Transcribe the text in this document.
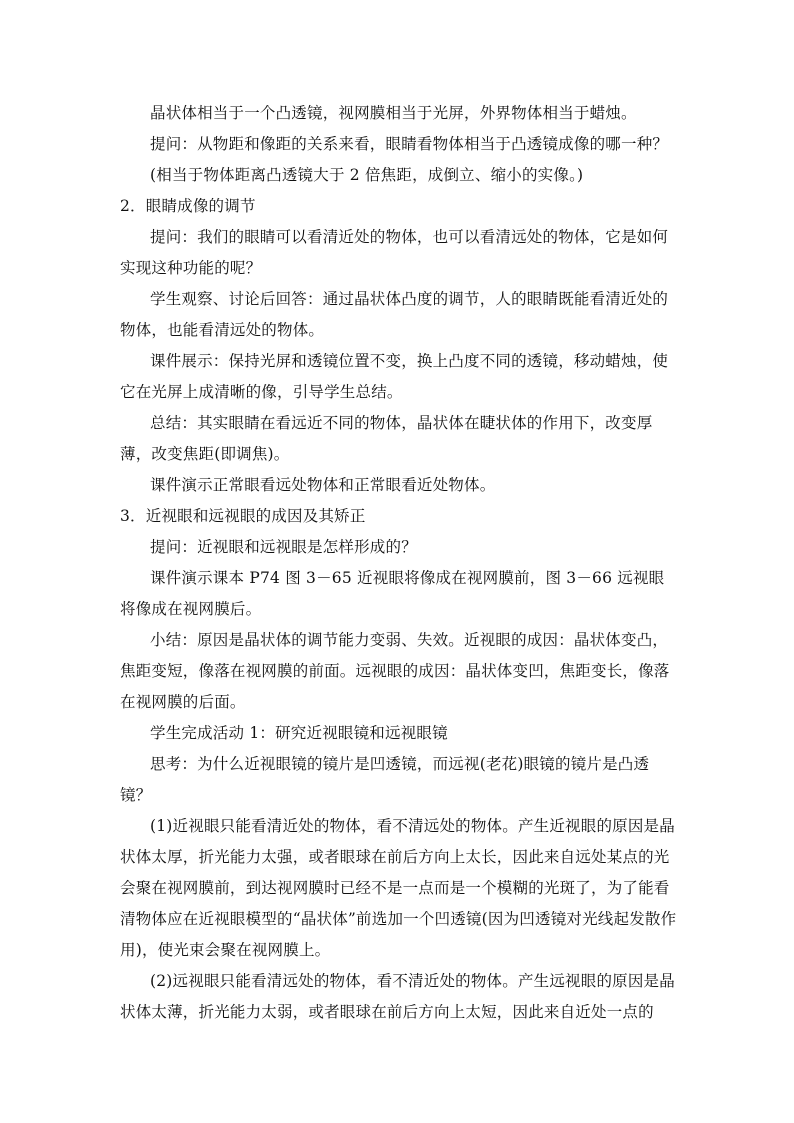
晶状体相当于一个凸透镜，视网膜相当于光屏，外界物体相当于蜡烛。

提问：从物距和像距的关系来看，眼睛看物体相当于凸透镜成像的哪一种？

(相当于物体距离凸透镜大于 2 倍焦距，成倒立、缩小的实像。)

2．眼睛成像的调节

提问：我们的眼睛可以看清近处的物体，也可以看清远处的物体，它是如何实现这种功能的呢？

学生观察、讨论后回答：通过晶状体凸度的调节，人的眼睛既能看清近处的物体，也能看清远处的物体。

课件展示：保持光屏和透镜位置不变，换上凸度不同的透镜，移动蜡烛，使它在光屏上成清晰的像，引导学生总结。

总结：其实眼睛在看远近不同的物体，晶状体在睫状体的作用下，改变厚薄，改变焦距(即调焦)。

课件演示正常眼看远处物体和正常眼看近处物体。

3．近视眼和远视眼的成因及其矫正

提问：近视眼和远视眼是怎样形成的？

课件演示课本 P74 图 3－65 近视眼将像成在视网膜前，图 3－66 远视眼将像成在视网膜后。

小结：原因是晶状体的调节能力变弱、失效。近视眼的成因：晶状体变凸，焦距变短，像落在视网膜的前面。远视眼的成因：晶状体变凹，焦距变长，像落在视网膜的后面。

学生完成活动 1：研究近视眼镜和远视眼镜

思考：为什么近视眼镜的镜片是凹透镜，而远视(老花)眼镜的镜片是凸透镜？

(1)近视眼只能看清近处的物体，看不清远处的物体。产生近视眼的原因是晶状体太厚，折光能力太强，或者眼球在前后方向上太长，因此来自远处某点的光会聚在视网膜前，到达视网膜时已经不是一点而是一个模糊的光斑了，为了能看清物体应在近视眼模型的“晶状体”前选加一个凹透镜(因为凹透镜对光线起发散作用)，使光束会聚在视网膜上。

(2)远视眼只能看清远处的物体，看不清近处的物体。产生远视眼的原因是晶状体太薄，折光能力太弱，或者眼球在前后方向上太短，因此来自近处一点的
